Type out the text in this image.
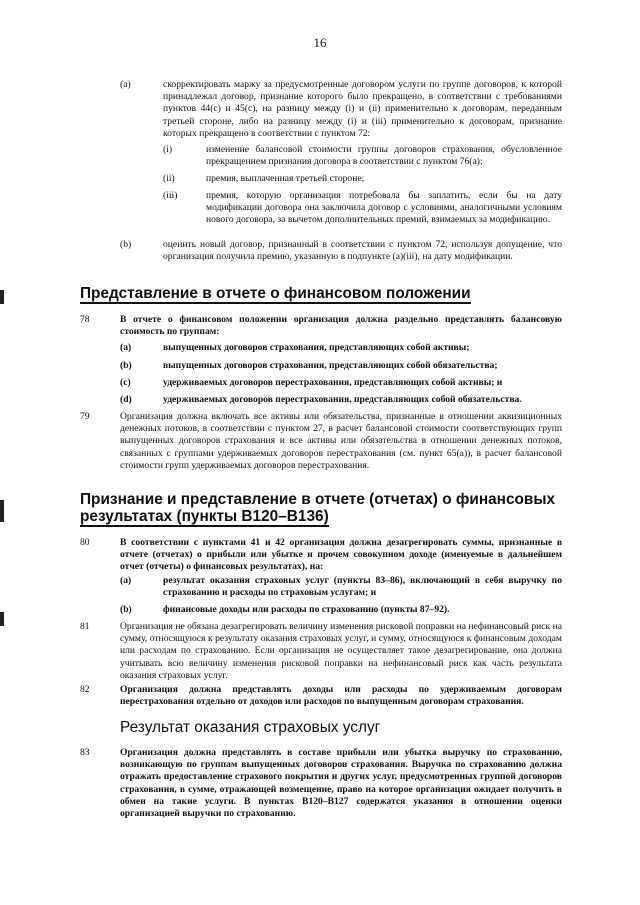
16
(a)	скорректировать маржу за предусмотренные договором услуги по группе договоров, к которой принадлежал договор, признание которого было прекращено, в соответствии с требованиями пунктов 44(с) и 45(с), на разницу между (i) и (ii) применительно к договорам, переданным третьей стороне, либо на разницу между (i) и (iii) применительно к договорам, признание которых прекращено в соответствии с пунктом 72:
(i)	изменение балансовой стоимости группы договоров страхования, обусловленное прекращением признания договора в соответствии с пунктом 76(а);
(ii)	премия, выплаченная третьей стороне;
(iii)	премия, которую организация потребовала бы заплатить, если бы на дату модификации договора она заключила договор с условиями, аналогичными условиям нового договора, за вычетом дополнительных премий, взимаемых за модификацию.
(b)	оценить новый договор, признанный в соответствии с пунктом 72, используя допущение, что организация получила премию, указанную в подпункте (а)(iii), на дату модификации.
Представление в отчете о финансовом положении
78	В отчете о финансовом положении организация должна раздельно представлять балансовую стоимость по группам:
(а)	выпущенных договоров страхования, представляющих собой активы;
(b)	выпущенных договоров страхования, представляющих собой обязательства;
(c)	удерживаемых договоров перестрахования, представляющих собой активы; и
(d)	удерживаемых договоров перестрахования, представляющих собой обязательства.
79	Организация должна включать все активы или обязательства, признанные в отношении аквизиционных денежных потоков, в соответствии с пунктом 27, в расчет балансовой стоимости соответствующих групп выпущенных договоров страхования и все активы или обязательства в отношении денежных потоков, связанных с группами удерживаемых договоров перестрахования (см. пункт 65(а)), в расчет балансовой стоимости групп удерживаемых договоров перестрахования.
Признание и представление в отчете (отчетах) о финансовых
результатах (пункты В120–В136)
80	В соответствии с пунктами 41 и 42 организация должна дезагрегировать суммы, признанные в отчете (отчетах) о прибыли или убытке и прочем совокупном доходе (именуемые в дальнейшем отчет (отчеты) о финансовых результатах), на:
(а)	результат оказания страховых услуг (пункты 83–86), включающий в себя выручку по страхованию и расходы по страховым услугам; и
(b)	финансовые доходы или расходы по страхованию (пункты 87–92).
81	Организация не обязана дезагрегировать величину изменения рисковой поправки на нефинансовый риск на сумму, относящуюся к результату оказания страховых услуг, и сумму, относящуюся к финансовым доходам или расходам по страхованию. Если организация не осуществляет такое дезагрегирование, она должна учитывать всю величину изменения рисковой поправки на нефинансовый риск как часть результата оказания страховых услуг.
82	Организация должна представлять доходы или расходы по удерживаемым договорам перестрахования отдельно от доходов или расходов по выпущенным договорам страхования.
Результат оказания страховых услуг
83	Организация должна представлять в составе прибыли или убытка выручку по страхованию, возникающую по группам выпущенных договоров страхования. Выручка по страхованию должна отражать предоставление страхового покрытия и других услуг, предусмотренных группой договоров страхования, в сумме, отражающей возмещение, право на которое организация ожидает получить в обмен на такие услуги. В пунктах В120–В127 содержатся указания в отношении оценки организацией выручки по страхованию.
